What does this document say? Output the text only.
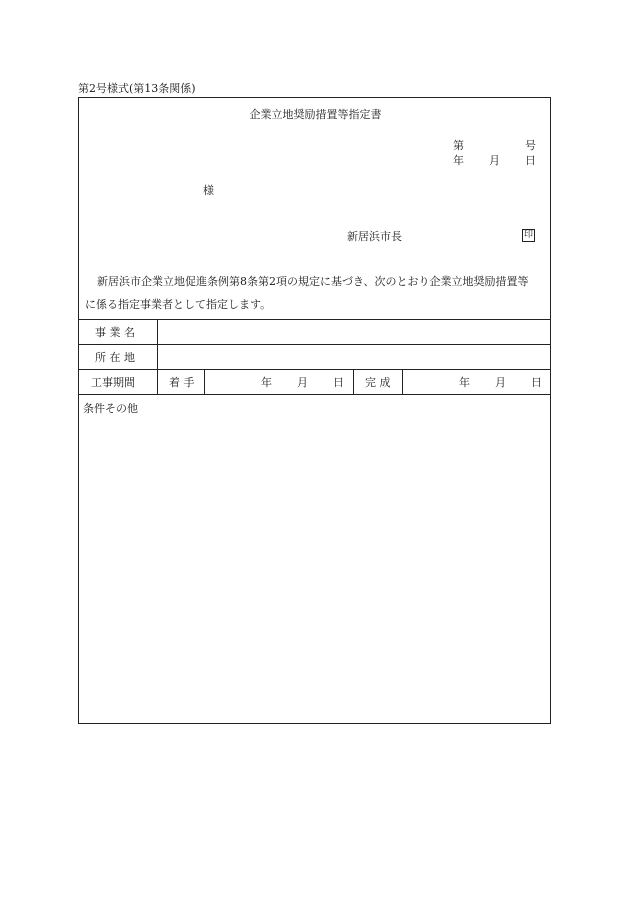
第2号様式(第13条関係)
企業立地奨励措置等指定書
第	号
年 月 日
様
新居浜市長	印
新居浜市企業立地促進条例第8条第2項の規定に基づき、次のとおり企業立地奨励措置等
に係る指定事業者として指定します。
事 業 名
所 在 地
工事期間	着 手	年 月 日 完 成	年 月 日
条件その他
